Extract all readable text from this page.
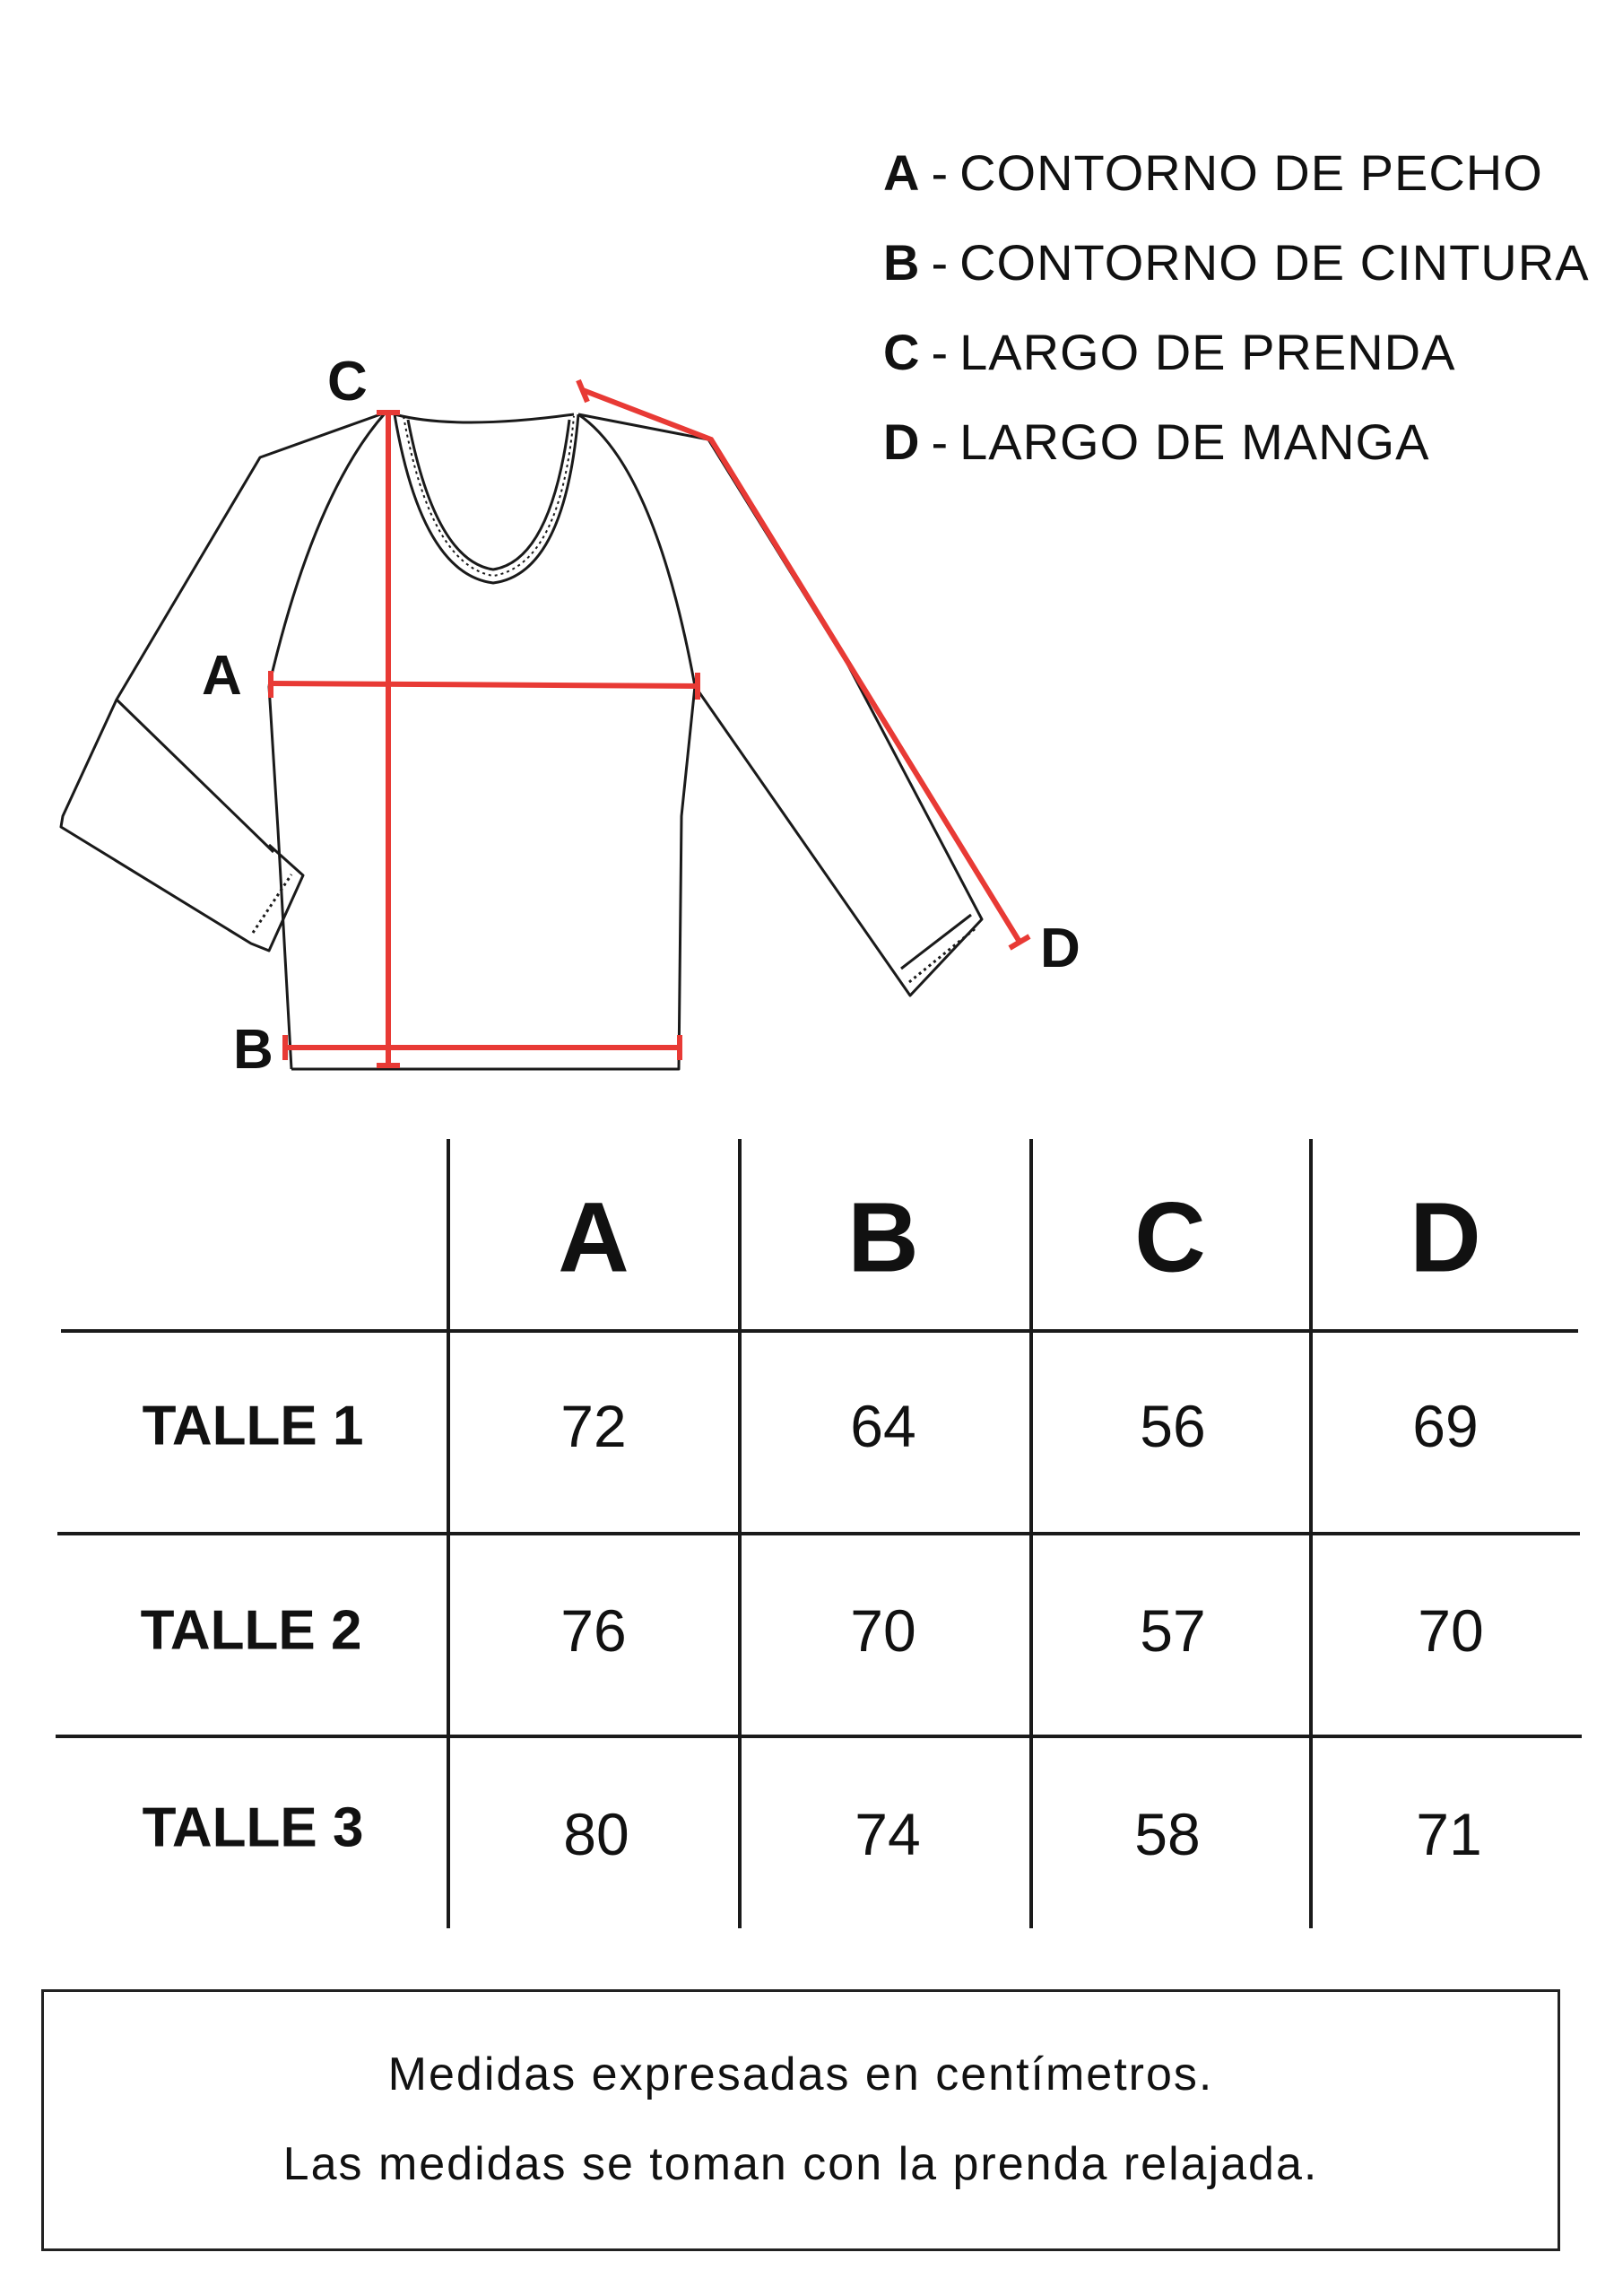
A - CONTORNO DE PECHO
B - CONTORNO DE CINTURA
C - LARGO DE PRENDA
D - LARGO DE MANGA
C
A
B
D
A B C D
TALLE 1	72	64	56	69
TALLE 2	76	70	57	70
TALLE 3	80	74	58	71
Medidas expresadas en centímetros.
Las medidas se toman con la prenda relajada.
